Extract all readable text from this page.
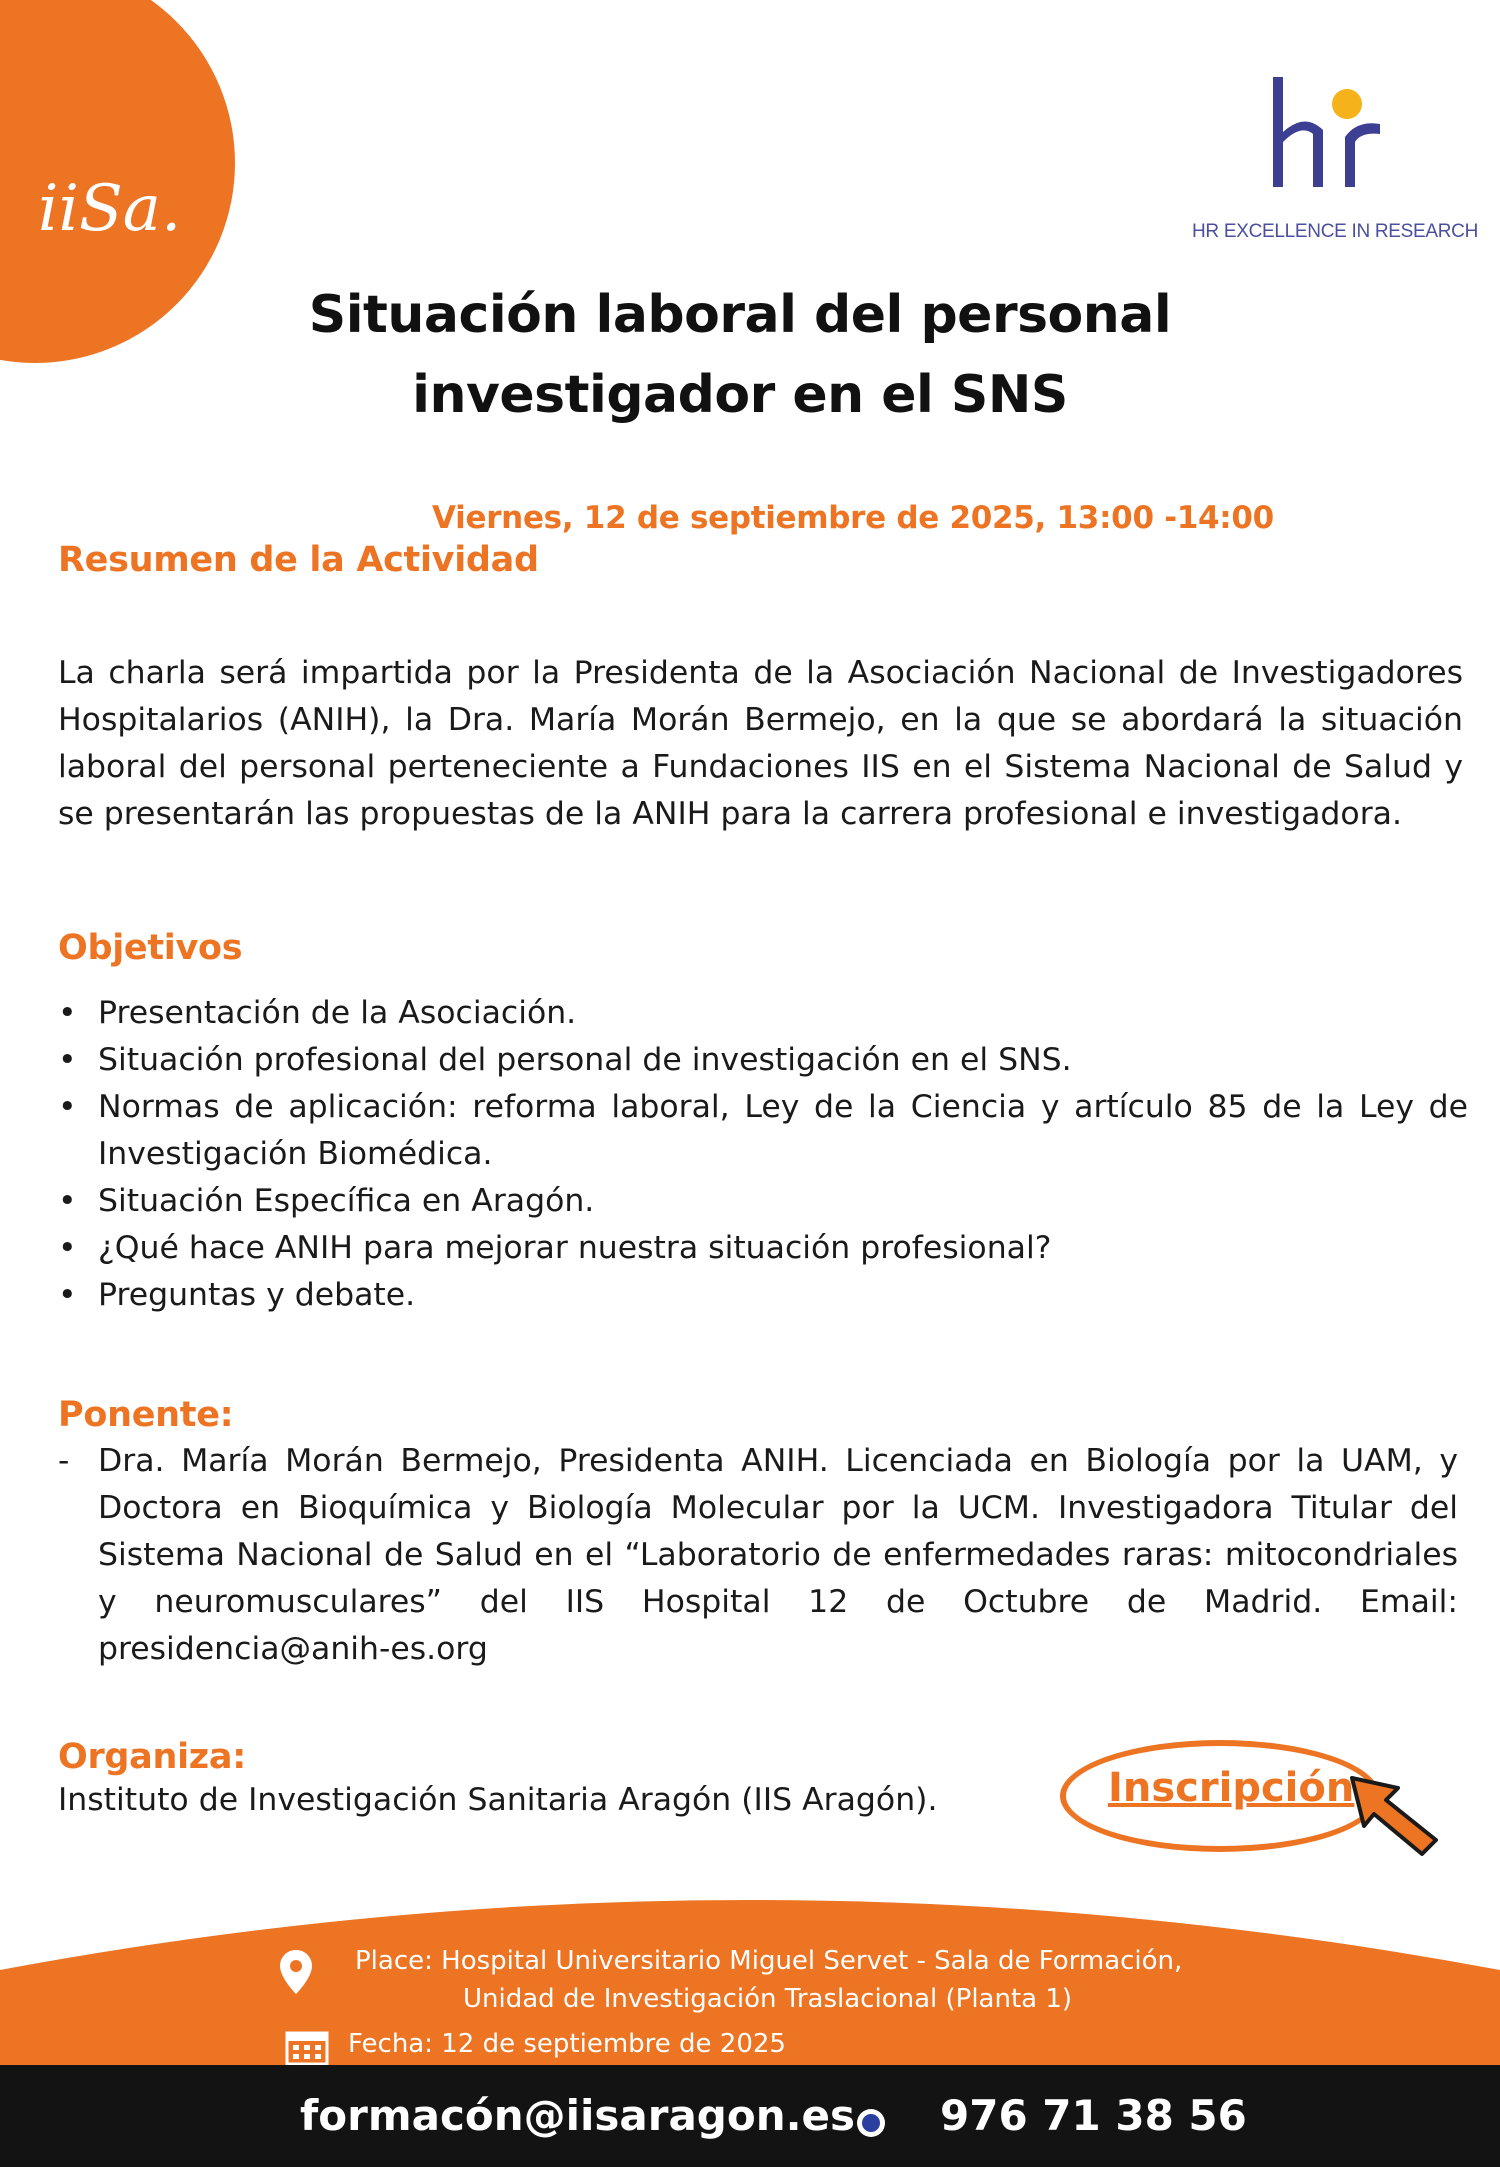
iiSa.	HR EXCELLENCE IN RESEARCH
Situación laboral del personal
investigador en el SNS
Viernes, 12 de septiembre de 2025, 13:00 -14:00
Resumen de la Actividad
La charla será impartida por la Presidenta de la Asociación Nacional de Investigadores Hospitalarios (ANIH), la Dra. María Morán Bermejo, en la que se abordará la situación laboral del personal perteneciente a Fundaciones IIS en el Sistema Nacional de Salud y se presentarán las propuestas de la ANIH para la carrera profesional e investigadora.
Objetivos
• Presentación de la Asociación.
• Situación profesional del personal de investigación en el SNS.
• Normas de aplicación: reforma laboral, Ley de la Ciencia y artículo 85 de la Ley de Investigación Biomédica.
• Situación Específica en Aragón.
• ¿Qué hace ANIH para mejorar nuestra situación profesional?
• Preguntas y debate.
Ponente:
- Dra. María Morán Bermejo, Presidenta ANIH. Licenciada en Biología por la UAM, y Doctora en Bioquímica y Biología Molecular por la UCM. Investigadora Titular del Sistema Nacional de Salud en el “Laboratorio de enfermedades raras: mitocondriales y neuromusculares” del IIS Hospital 12 de Octubre de Madrid. Email: presidencia@anih-es.org
Organiza:
Instituto de Investigación Sanitaria Aragón (IIS Aragón).	Inscripción
Place: Hospital Universitario Miguel Servet - Sala de Formación,
Unidad de Investigación Traslacional (Planta 1)
Fecha: 12 de septiembre de 2025
formacón@iisaragon.es 976 71 38 56
